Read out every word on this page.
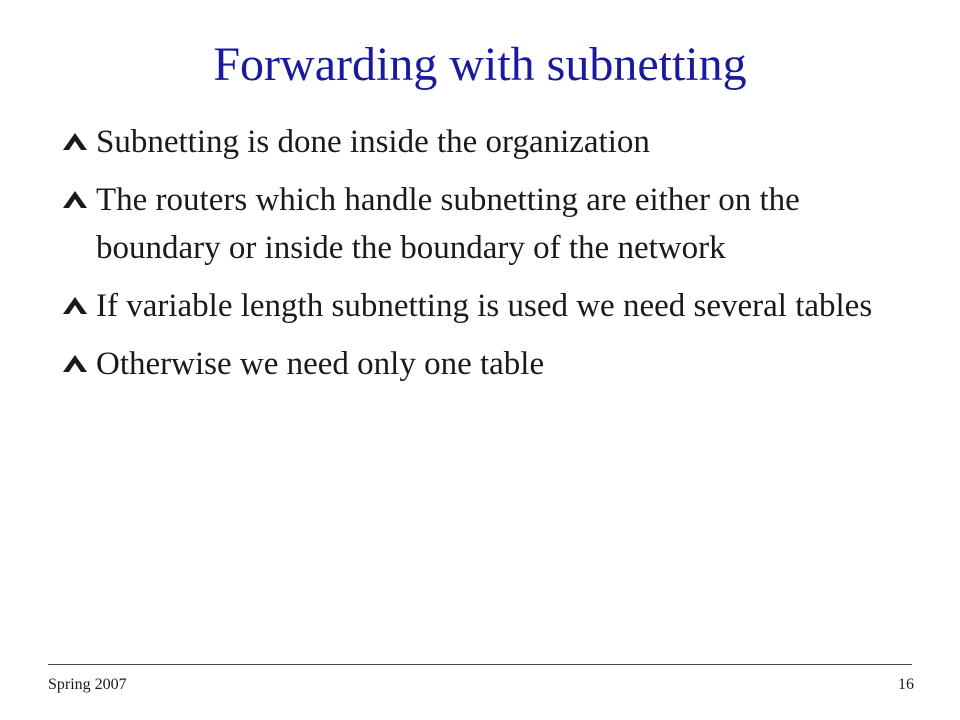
Forwarding with subnetting
Subnetting is done inside the organization
The routers which handle subnetting are either on the boundary or inside the boundary of the network
If variable length subnetting is used we need several tables
Otherwise we need only one table
Spring 2007	16
